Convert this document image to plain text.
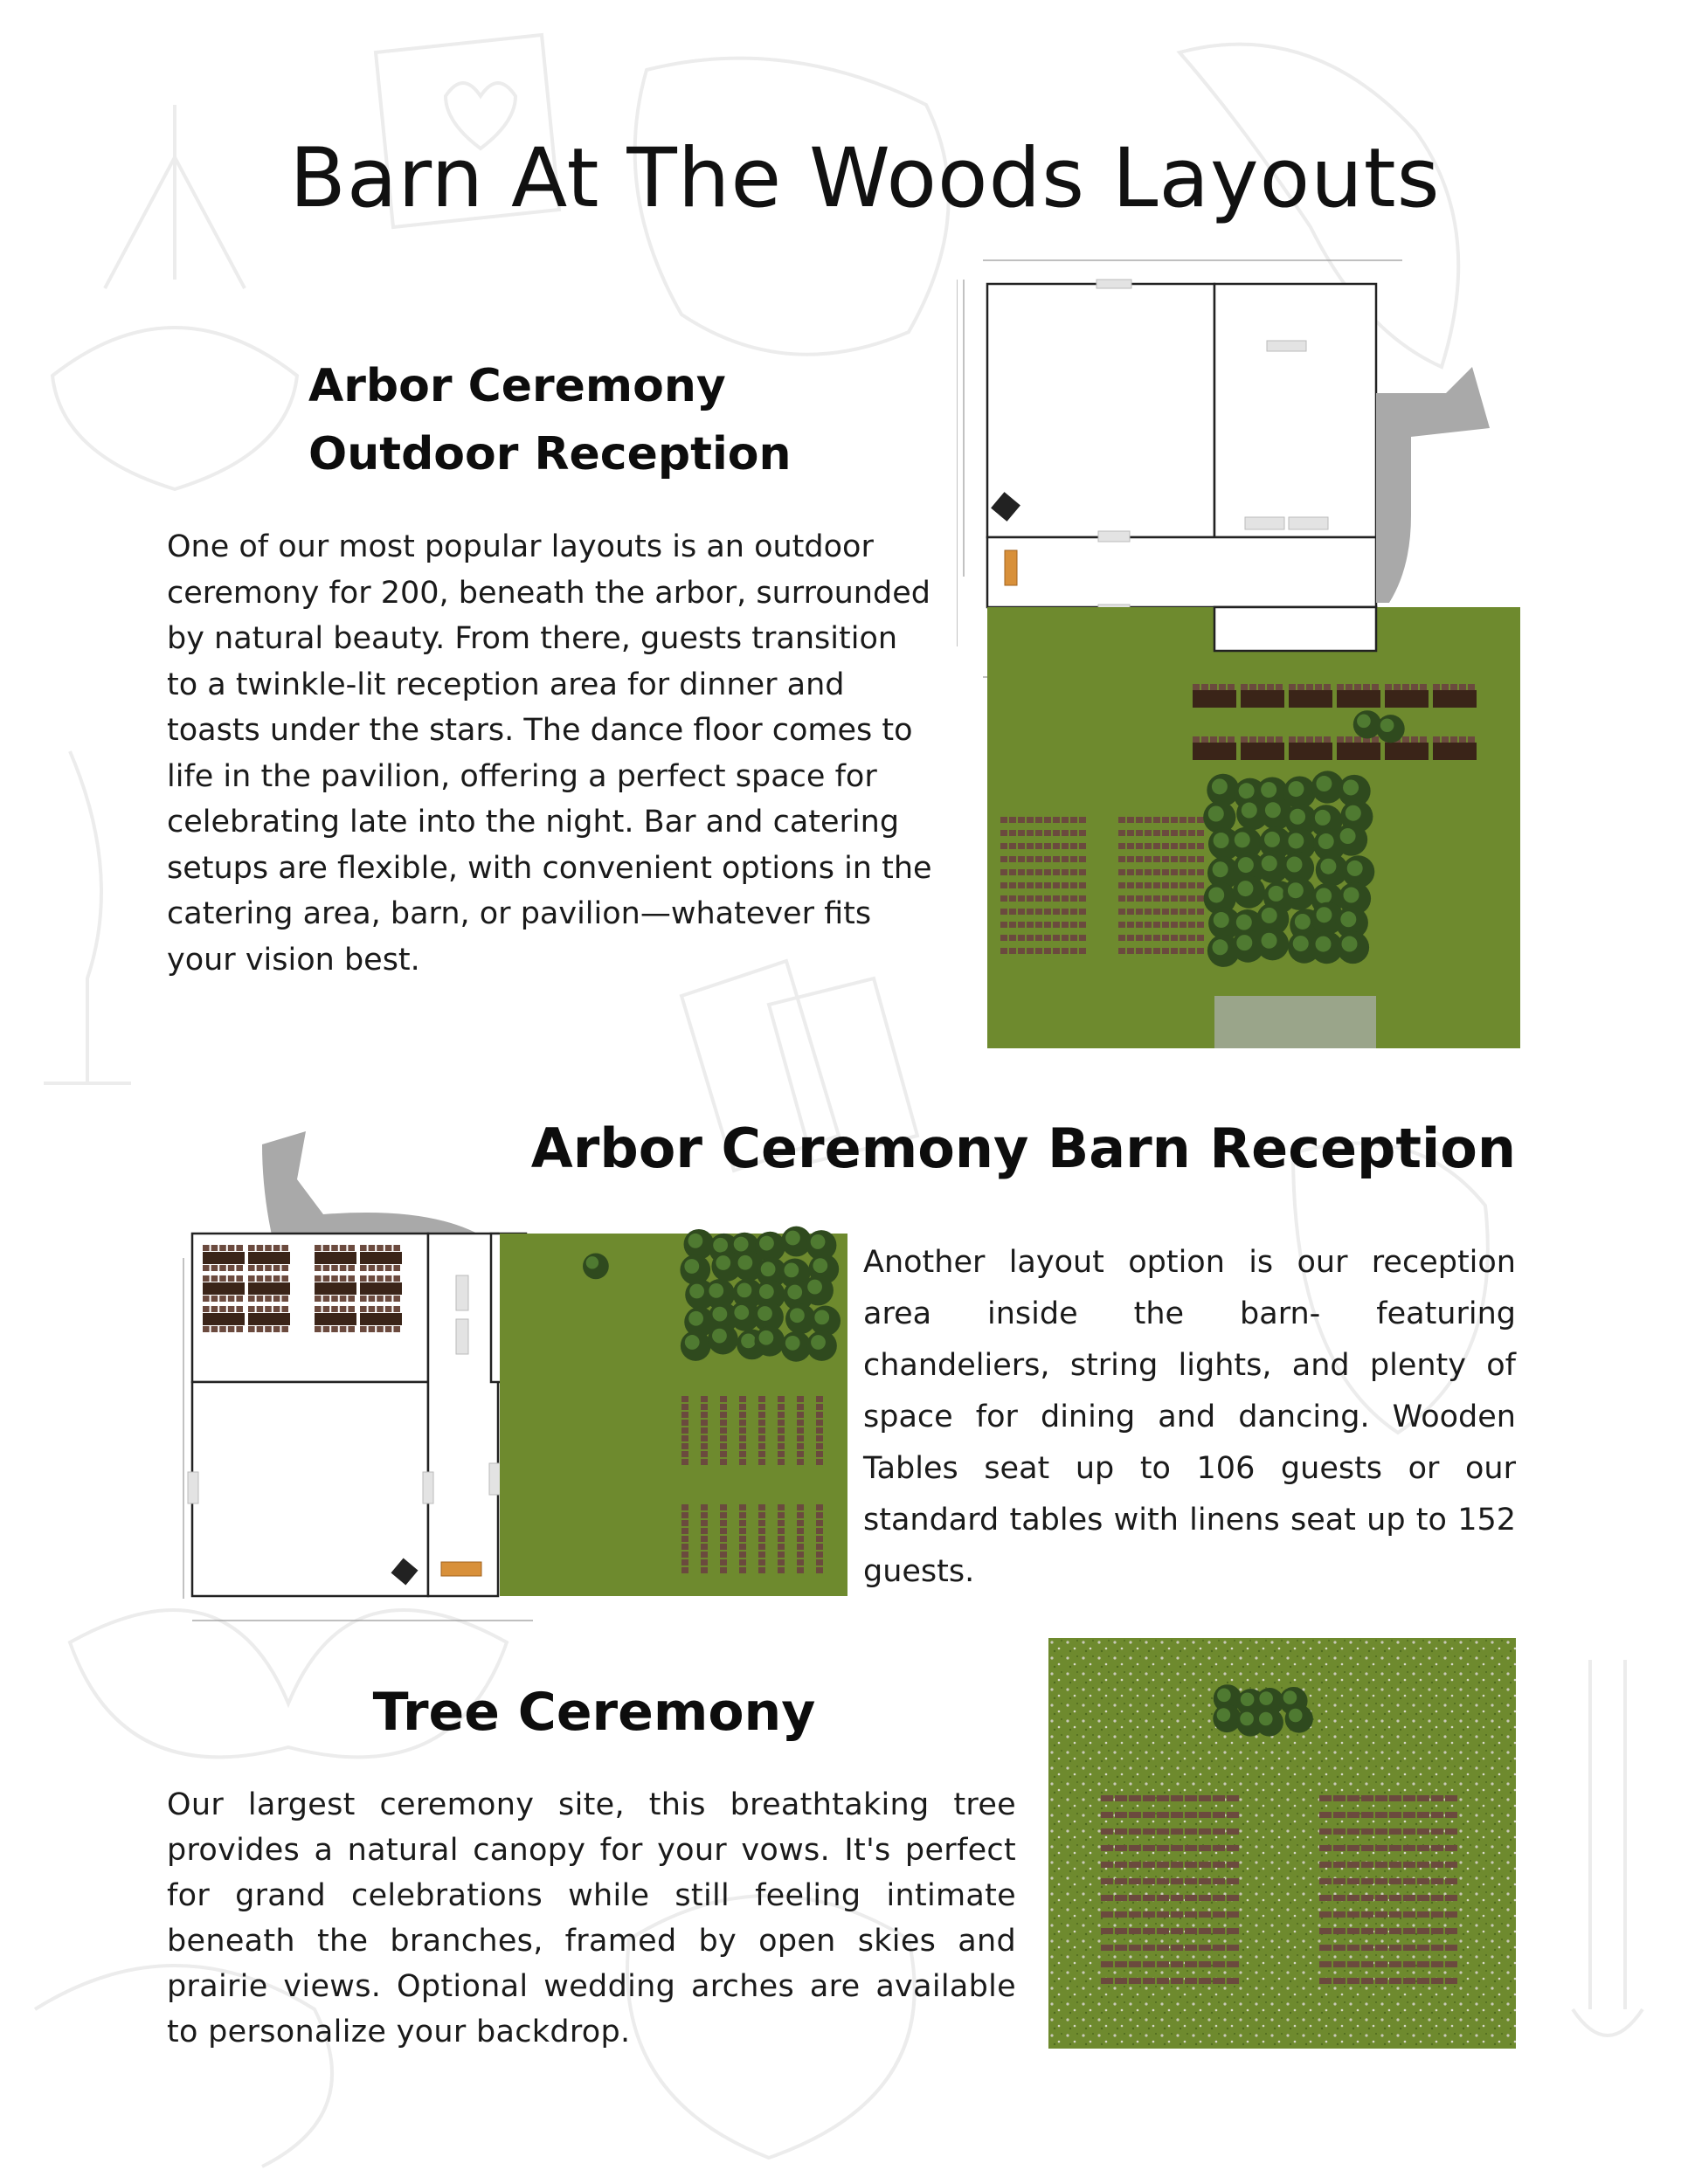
Barn At The Woods Layouts
Arbor Ceremony
Outdoor Reception
One of our most popular layouts is an outdoor ceremony for 200, beneath the arbor, surrounded by natural beauty. From there, guests transition to a twinkle-lit reception area for dinner and toasts under the stars. The dance floor comes to life in the pavilion, offering a perfect space for celebrating late into the night. Bar and catering setups are flexible, with convenient options in the catering area, barn, or pavilion—whatever fits your vision best.
Arbor Ceremony Barn Reception
Another layout option is our reception area inside the barn- featuring chandeliers, string lights, and plenty of space for dining and dancing. Wooden Tables seat up to 106 guests or our standard tables with linens seat up to 152 guests.
Tree Ceremony
Our largest ceremony site, this breathtaking tree provides a natural canopy for your vows. It's perfect for grand celebrations while still feeling intimate beneath the branches, framed by open skies and prairie views. Optional wedding arches are available to personalize your backdrop.
